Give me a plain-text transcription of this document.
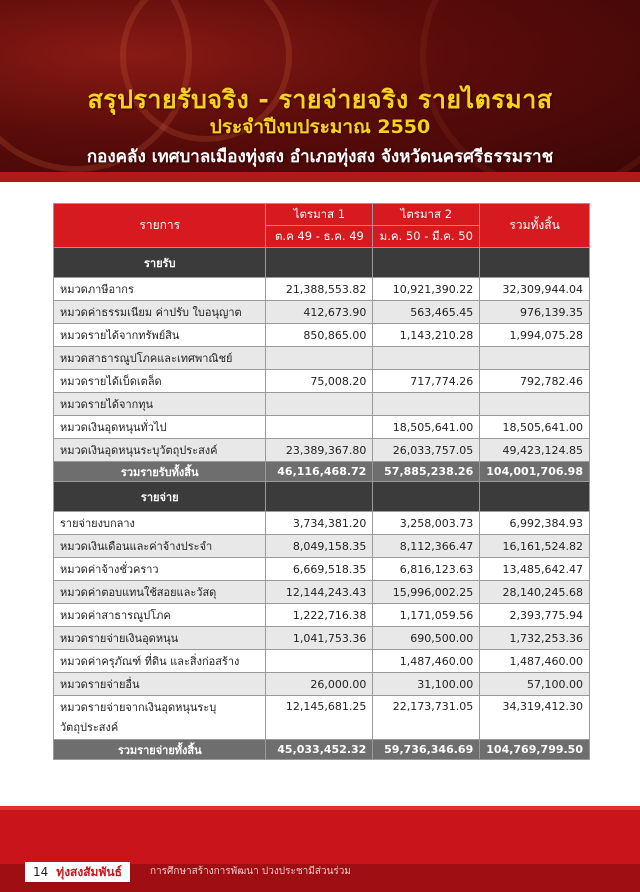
สรุปรายรับจริง - รายจ่ายจริง รายไตรมาส
ประจำปีงบประมาณ 2550
กองคลัง เทศบาลเมืองทุ่งสง อำเภอทุ่งสง จังหวัดนครศรีธรรมราช
รายการ	ไตรมาส 1	ไตรมาส 2	รวมทั้งสิ้น
	ต.ค 49 - ธ.ค. 49	ม.ค. 50 - มี.ค. 50	
รายรับ			
หมวดภาษีอากร	21,388,553.82	10,921,390.22	32,309,944.04
หมวดค่าธรรมเนียม ค่าปรับ ใบอนุญาต	412,673.90	563,465.45	976,139.35
หมวดรายได้จากทรัพย์สิน	850,865.00	1,143,210.28	1,994,075.28
หมวดสาธารณูปโภคและเทศพาณิชย์			
หมวดรายได้เบ็ดเตล็ด	75,008.20	717,774.26	792,782.46
หมวดรายได้จากทุน			
หมวดเงินอุดหนุนทั่วไป		18,505,641.00	18,505,641.00
หมวดเงินอุดหนุนระบุวัตถุประสงค์	23,389,367.80	26,033,757.05	49,423,124.85
รวมรายรับทั้งสิ้น	46,116,468.72	57,885,238.26	104,001,706.98
รายจ่าย			
รายจ่ายงบกลาง	3,734,381.20	3,258,003.73	6,992,384.93
หมวดเงินเดือนและค่าจ้างประจำ	8,049,158.35	8,112,366.47	16,161,524.82
หมวดค่าจ้างชั่วคราว	6,669,518.35	6,816,123.63	13,485,642.47
หมวดค่าตอบแทนใช้สอยและวัสดุ	12,144,243.43	15,996,002.25	28,140,245.68
หมวดค่าสาธารณูปโภค	1,222,716.38	1,171,059.56	2,393,775.94
หมวดรายจ่ายเงินอุดหนุน	1,041,753.36	690,500.00	1,732,253.36
หมวดค่าครุภัณฑ์ ที่ดิน และสิ่งก่อสร้าง		1,487,460.00	1,487,460.00
หมวดรายจ่ายอื่น	26,000.00	31,100.00	57,100.00
หมวดรายจ่ายจากเงินอุดหนุนระบุ
วัตถุประสงค์	12,145,681.25	22,173,731.05	34,319,412.30
รวมรายจ่ายทั้งสิ้น	45,033,452.32	59,736,346.69	104,769,799.50
14 ทุ่งสงสัมพันธ์	การศึกษาสร้างการพัฒนา ปวงประชามีส่วนร่วม
